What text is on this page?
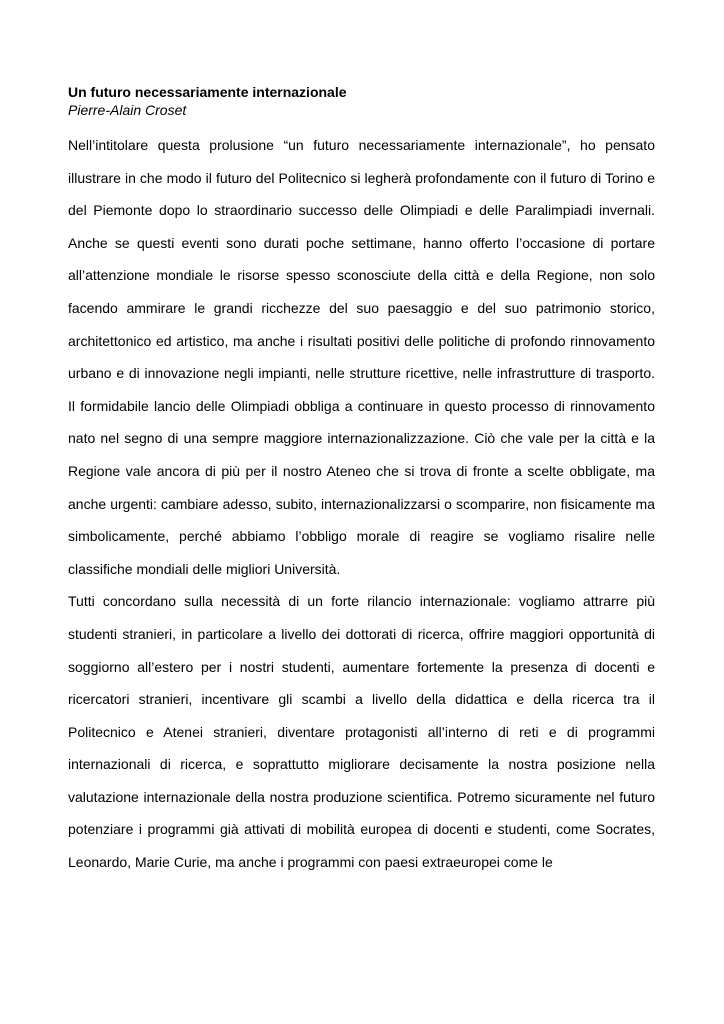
Un futuro necessariamente internazionale

Pierre-Alain Croset

Nell’intitolare questa prolusione “un futuro necessariamente internazionale”, ho pensato illustrare in che modo il futuro del Politecnico si legherà profondamente con il futuro di Torino e del Piemonte dopo lo straordinario successo delle Olimpiadi e delle Paralimpiadi invernali. Anche se questi eventi sono durati poche settimane, hanno offerto l’occasione di portare all’attenzione mondiale le risorse spesso sconosciute della città e della Regione, non solo facendo ammirare le grandi ricchezze del suo paesaggio e del suo patrimonio storico, architettonico ed artistico, ma anche i risultati positivi delle politiche di profondo rinnovamento urbano e di innovazione negli impianti, nelle strutture ricettive, nelle infrastrutture di trasporto. Il formidabile lancio delle Olimpiadi obbliga a continuare in questo processo di rinnovamento nato nel segno di una sempre maggiore internazionalizzazione. Ciò che vale per la città e la Regione vale ancora di più per il nostro Ateneo che si trova di fronte a scelte obbligate, ma anche urgenti: cambiare adesso, subito, internazionalizzarsi o scomparire, non fisicamente ma simbolicamente, perché abbiamo l’obbligo morale di reagire se vogliamo risalire nelle classifiche mondiali delle migliori Università.

Tutti concordano sulla necessità di un forte rilancio internazionale: vogliamo attrarre più studenti stranieri, in particolare a livello dei dottorati di ricerca, offrire maggiori opportunità di soggiorno all’estero per i nostri studenti, aumentare fortemente la presenza di docenti e ricercatori stranieri, incentivare gli scambi a livello della didattica e della ricerca tra il Politecnico e Atenei stranieri, diventare protagonisti all’interno di reti e di programmi internazionali di ricerca, e soprattutto migliorare decisamente la nostra posizione nella valutazione internazionale della nostra produzione scientifica. Potremo sicuramente nel futuro potenziare i programmi già attivati di mobilità europea di docenti e studenti, come Socrates, Leonardo, Marie Curie, ma anche i programmi con paesi extraeuropei come le
